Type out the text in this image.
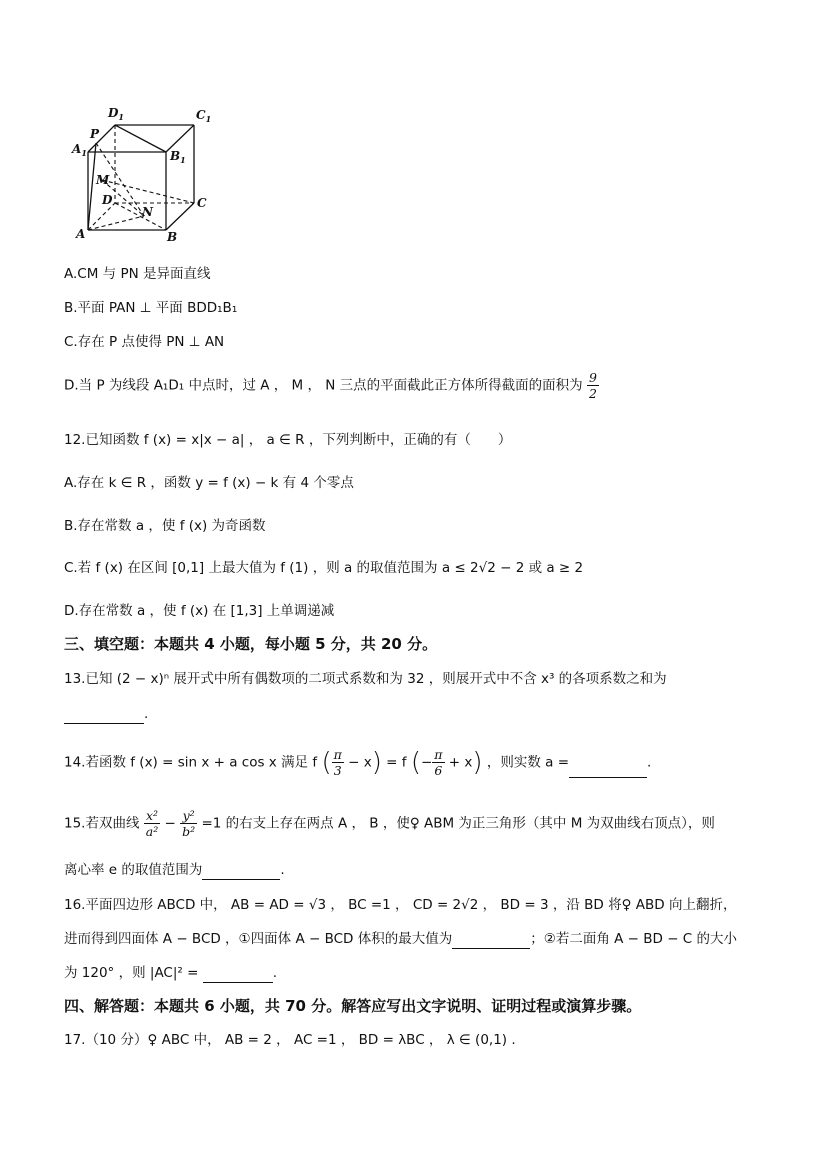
$D_1$	$C_1$
P
$A_1$	$B_1$
M
D
N
C
A	B
A.CM 与 PN 是异面直线
B.平面 PAN ⊥ 平面 BDD₁B₁
C.存在 P 点使得 PN ⊥ AN
D.当 P 为线段 A₁D₁ 中点时，过 A ， M ， N 三点的平面截此正方体所得截面的面积为 $\frac{9}{2}$
12.已知函数 f (x) = x|x − a| ， a ∈ R ，下列判断中，正确的有（　　）
A.存在 k ∈ R ，函数 y = f (x) − k 有 4 个零点
B.存在常数 a ，使 f (x) 为奇函数
C.若 f (x) 在区间 [0,1] 上最大值为 f (1) ，则 a 的取值范围为 a ≤ 2√2 − 2 或 a ≥ 2
D.存在常数 a ，使 f (x) 在 [1,3] 上单调递减
三、填空题：本题共 4 小题，每小题 5 分，共 20 分。
13.已知 (2 − x)ⁿ 展开式中所有偶数项的二项式系数和为 32 ，则展开式中不含 x³ 的各项系数之和为
.
14.若函数 f (x) = sin x + a cos x 满足 f ( $\frac{\pi}{3} - x) = f$ (− $\frac{\pi}{6} + x$) ，则实数 a =	.
15.若双曲线 $\frac{\text{x²}}{\text{a²}} - \frac{\text{y²}}{\text{b²}} =1$ 的右支上存在两点 A ， B ，使♀ ABM 为正三角形（其中 M 为双曲线右顶点），则
离心率 e 的取值范围为	.
16.平面四边形 ABCD 中， AB = AD = √3 ， BC =1 ， CD = 2√2 ， BD = 3 ，沿 BD 将♀ ABD 向上翻折，
进而得到四面体 A − BCD ，①四面体 A − BCD 体积的最大值为	；②若二面角 A − BD − C 的大小
为 120° ，则 |AC|² =	.
四、解答题：本题共 6 小题，共 70 分。解答应写出文字说明、证明过程或演算步骤。
17.（10 分）♀ ABC 中， AB = 2 ， AC =1 ， BD = λBC ， λ ∈ (0,1) .
